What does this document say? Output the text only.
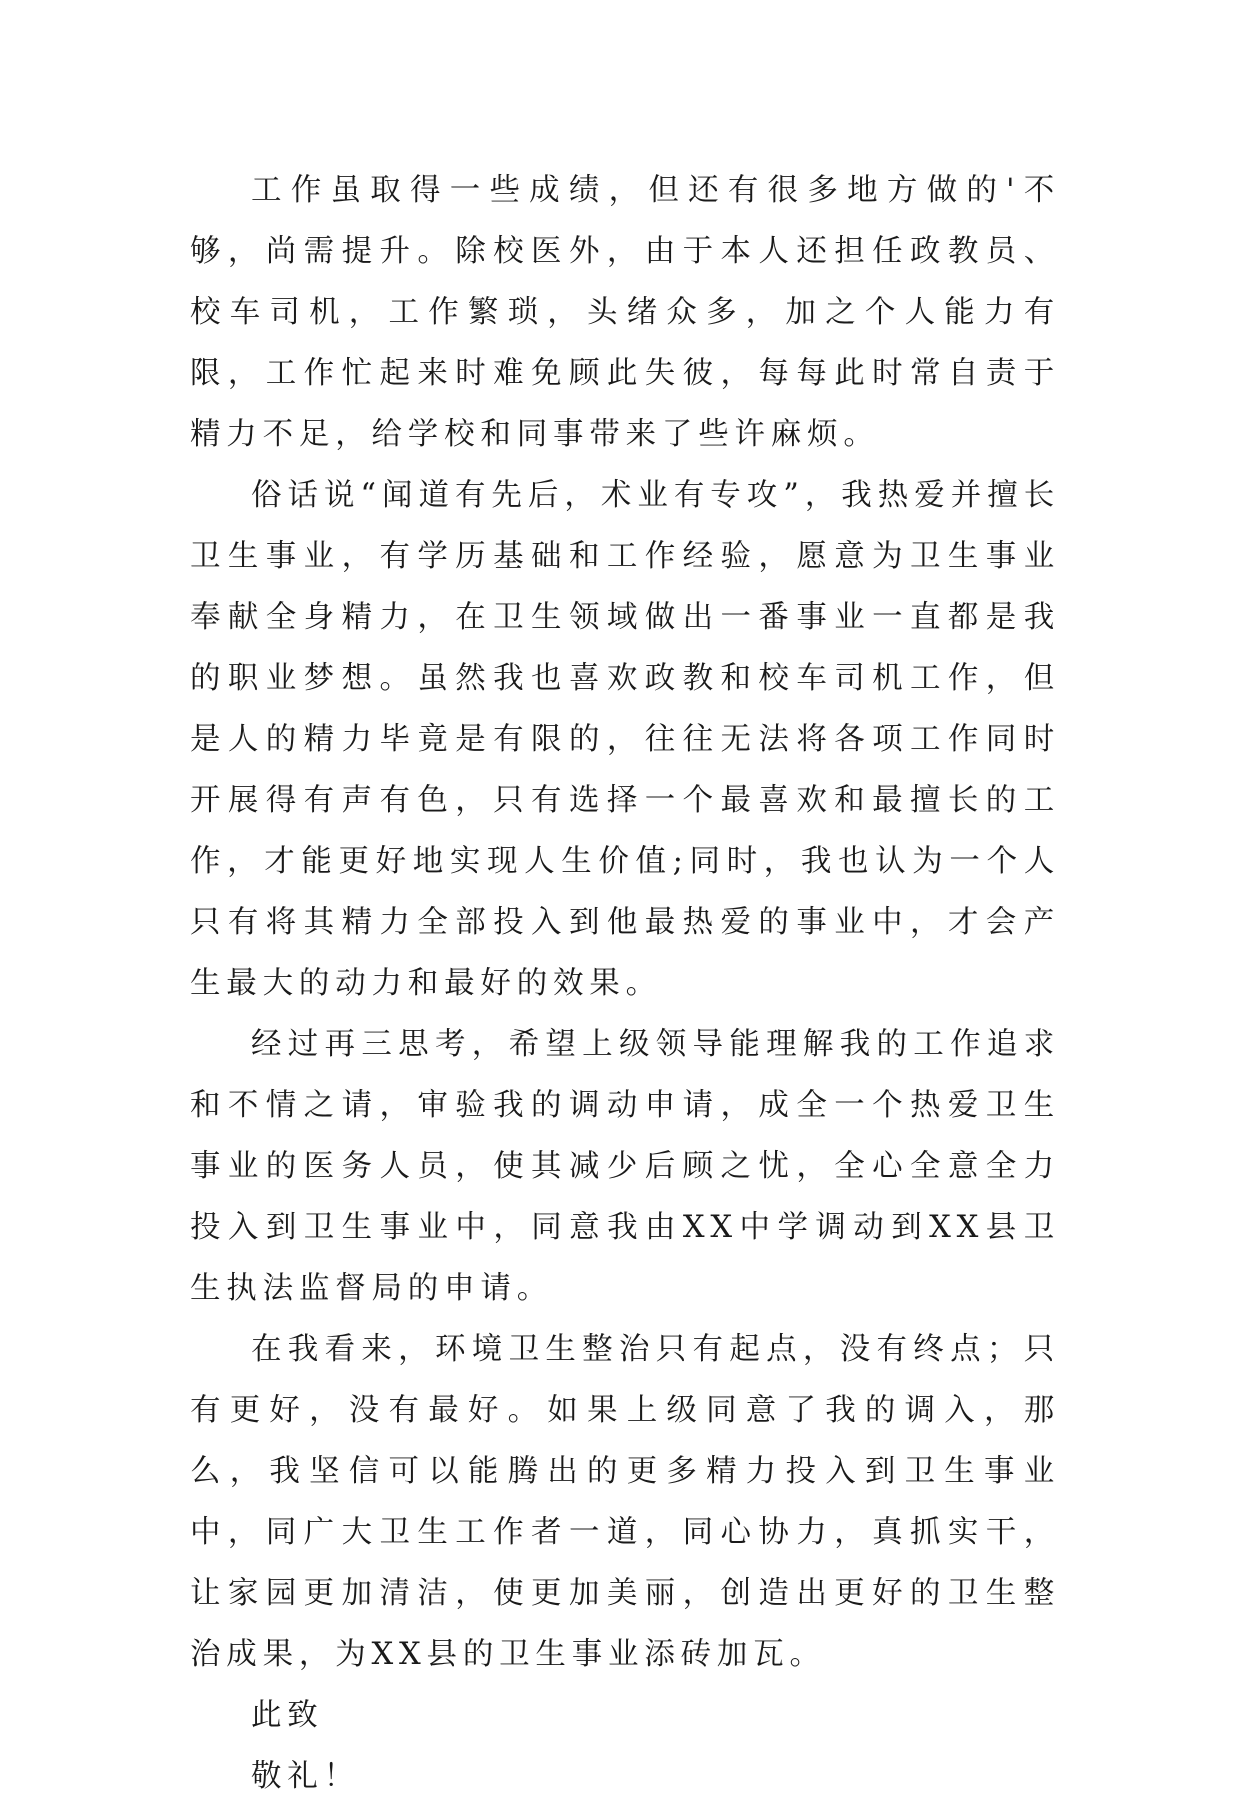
工作虽取得一些成绩，但还有很多地方做的'不够，尚需提升。除校医外，由于本人还担任政教员、校车司机，工作繁琐，头绪众多，加之个人能力有限，工作忙起来时难免顾此失彼，每每此时常自责于精力不足，给学校和同事带来了些许麻烦。

俗话说“闻道有先后，术业有专攻”，我热爱并擅长卫生事业，有学历基础和工作经验，愿意为卫生事业奉献全身精力，在卫生领域做出一番事业一直都是我的职业梦想。虽然我也喜欢政教和校车司机工作，但是人的精力毕竟是有限的，往往无法将各项工作同时开展得有声有色，只有选择一个最喜欢和最擅长的工作，才能更好地实现人生价值;同时，我也认为一个人只有将其精力全部投入到他最热爱的事业中，才会产生最大的动力和最好的效果。

经过再三思考，希望上级领导能理解我的工作追求和不情之请，审验我的调动申请，成全一个热爱卫生事业的医务人员，使其减少后顾之忧，全心全意全力投入到卫生事业中，同意我由XX中学调动到XX县卫生执法监督局的申请。

在我看来，环境卫生整治只有起点，没有终点；只有更好，没有最好。如果上级同意了我的调入，那么，我坚信可以能腾出的更多精力投入到卫生事业中，同广大卫生工作者一道，同心协力，真抓实干，让家园更加清洁，使更加美丽，创造出更好的卫生整治成果，为XX县的卫生事业添砖加瓦。

此致

敬礼！
